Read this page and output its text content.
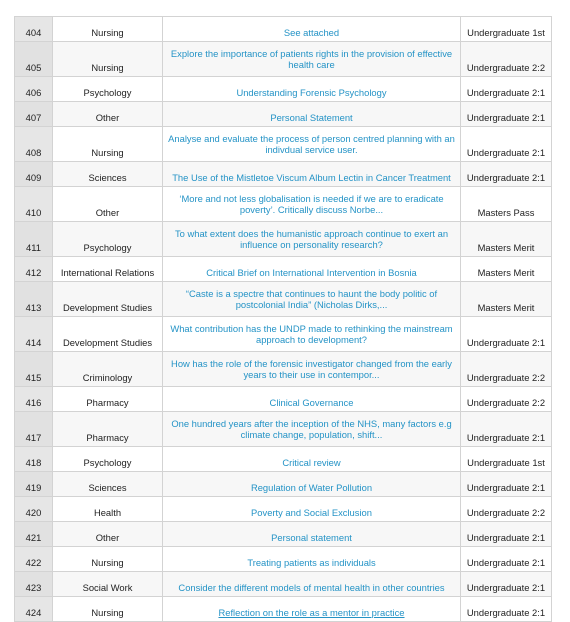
404	Nursing	See attached	Undergraduate 1st
405	Nursing	Explore the importance of patients rights in the provision of effective health care	Undergraduate 2:2
406	Psychology	Understanding Forensic Psychology	Undergraduate 2:1
407	Other	Personal Statement	Undergraduate 2:1
408	Nursing	Analyse and evaluate the process of person centred planning with an indivdual service user.	Undergraduate 2:1
409	Sciences	The Use of the Mistletoe Viscum Album Lectin in Cancer Treatment	Undergraduate 2:1
410	Other	‘More and not less globalisation is needed if we are to eradicate poverty’. Critically discuss Norbe...	Masters Pass
411	Psychology	To what extent does the humanistic approach continue to exert an influence on personality research?	Masters Merit
412	International Relations	Critical Brief on International Intervention in Bosnia	Masters Merit
413	Development Studies	“Caste is a spectre that continues to haunt the body politic of postcolonial India” (Nicholas Dirks,...	Masters Merit
414	Development Studies	What contribution has the UNDP made to rethinking the mainstream approach to development?	Undergraduate 2:1
415	Criminology	How has the role of the forensic investigator changed from the early years to their use in contempor...	Undergraduate 2:2
416	Pharmacy	Clinical Governance	Undergraduate 2:2
417	Pharmacy	One hundred years after the inception of the NHS, many factors e.g climate change, population, shift...	Undergraduate 2:1
418	Psychology	Critical review	Undergraduate 1st
419	Sciences	Regulation of Water Pollution	Undergraduate 2:1
420	Health	Poverty and Social Exclusion	Undergraduate 2:2
421	Other	Personal statement	Undergraduate 2:1
422	Nursing	Treating patients as individuals	Undergraduate 2:1
423	Social Work	Consider the different models of mental health in other countries	Undergraduate 2:1
424	Nursing	Reflection on the role as a mentor in practice	Undergraduate 2:1
